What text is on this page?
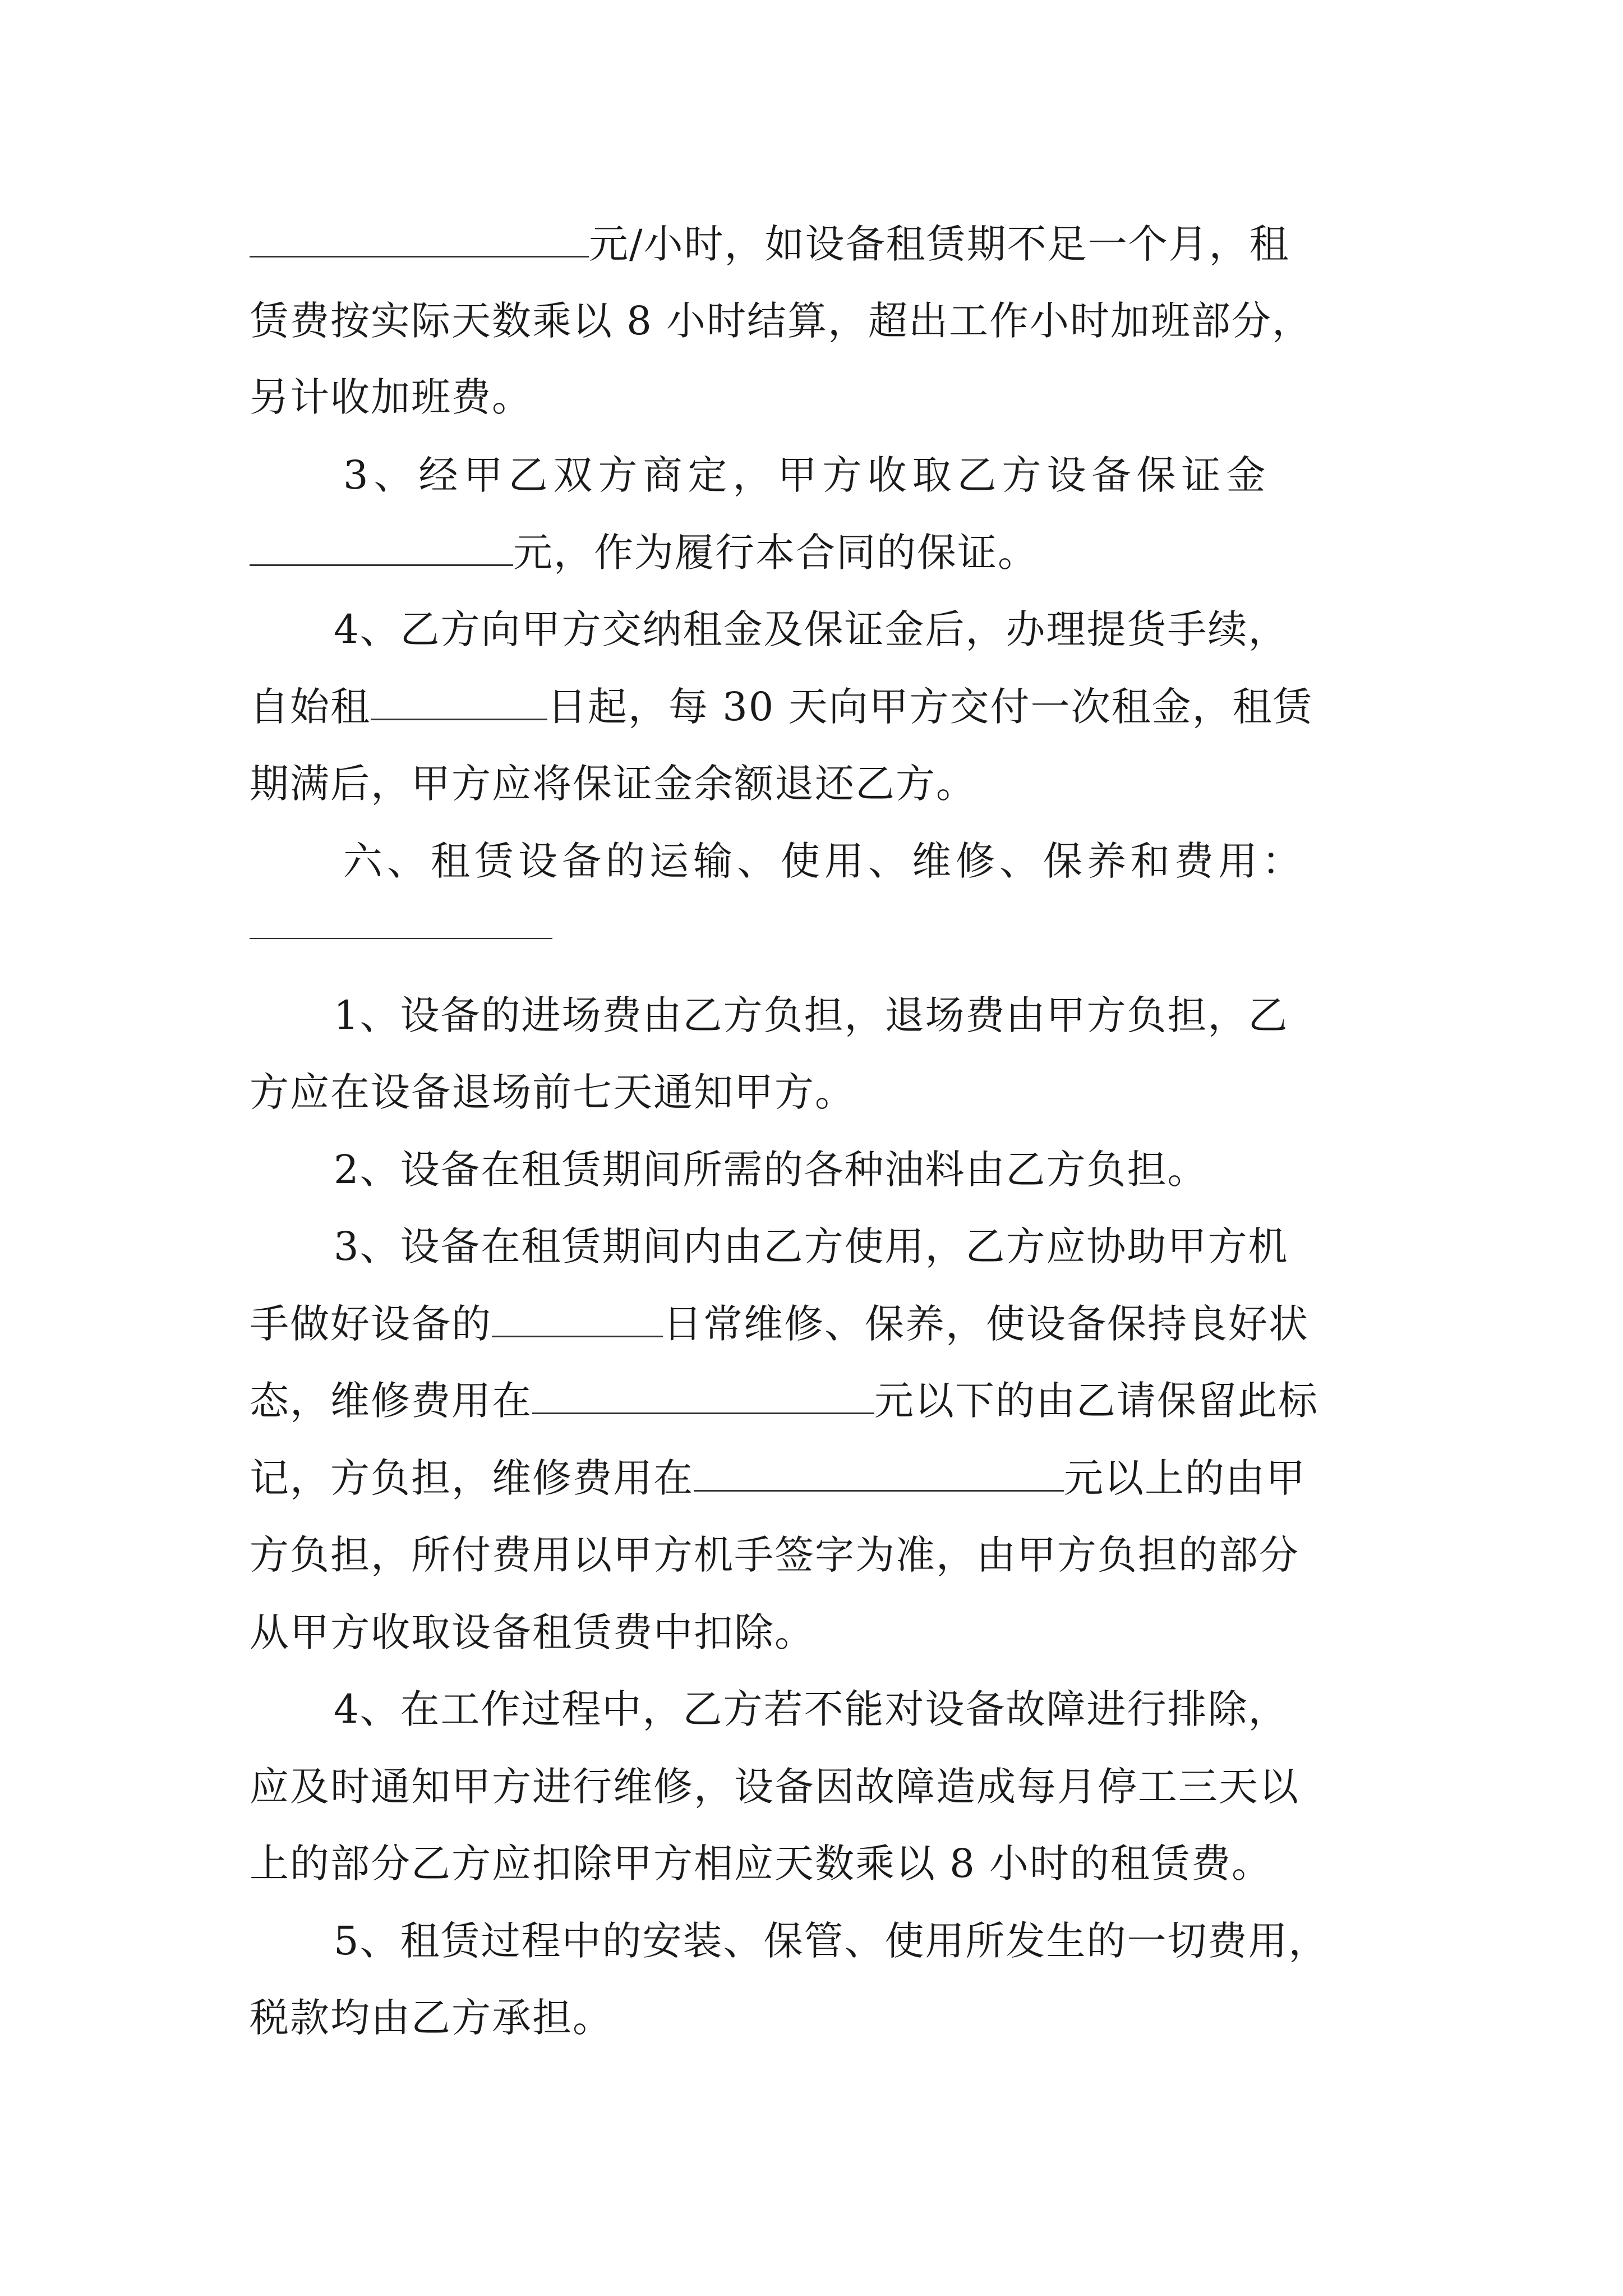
元/小时，如设备租赁期不足一个月，租
赁费按实际天数乘以 8 小时结算，超出工作小时加班部分，
另计收加班费。
3、经甲乙双方商定，甲方收取乙方设备保证金
元，作为履行本合同的保证。
4、乙方向甲方交纳租金及保证金后，办理提货手续，
自始租	日起，每 30 天向甲方交付一次租金，租赁
期满后，甲方应将保证金余额退还乙方。
六、租赁设备的运输、使用、维修、保养和费用：
1、设备的进场费由乙方负担，退场费由甲方负担，乙
方应在设备退场前七天通知甲方。
2、设备在租赁期间所需的各种油料由乙方负担。
3、设备在租赁期间内由乙方使用，乙方应协助甲方机
手做好设备的	日常维修、保养，使设备保持良好状
态，维修费用在	元以下的由乙请保留此标
记，方负担，维修费用在	元以上的由甲
方负担，所付费用以甲方机手签字为准，由甲方负担的部分
从甲方收取设备租赁费中扣除。
4、在工作过程中，乙方若不能对设备故障进行排除，
应及时通知甲方进行维修，设备因故障造成每月停工三天以
上的部分乙方应扣除甲方相应天数乘以 8 小时的租赁费。
5、租赁过程中的安装、保管、使用所发生的一切费用，
税款均由乙方承担。
